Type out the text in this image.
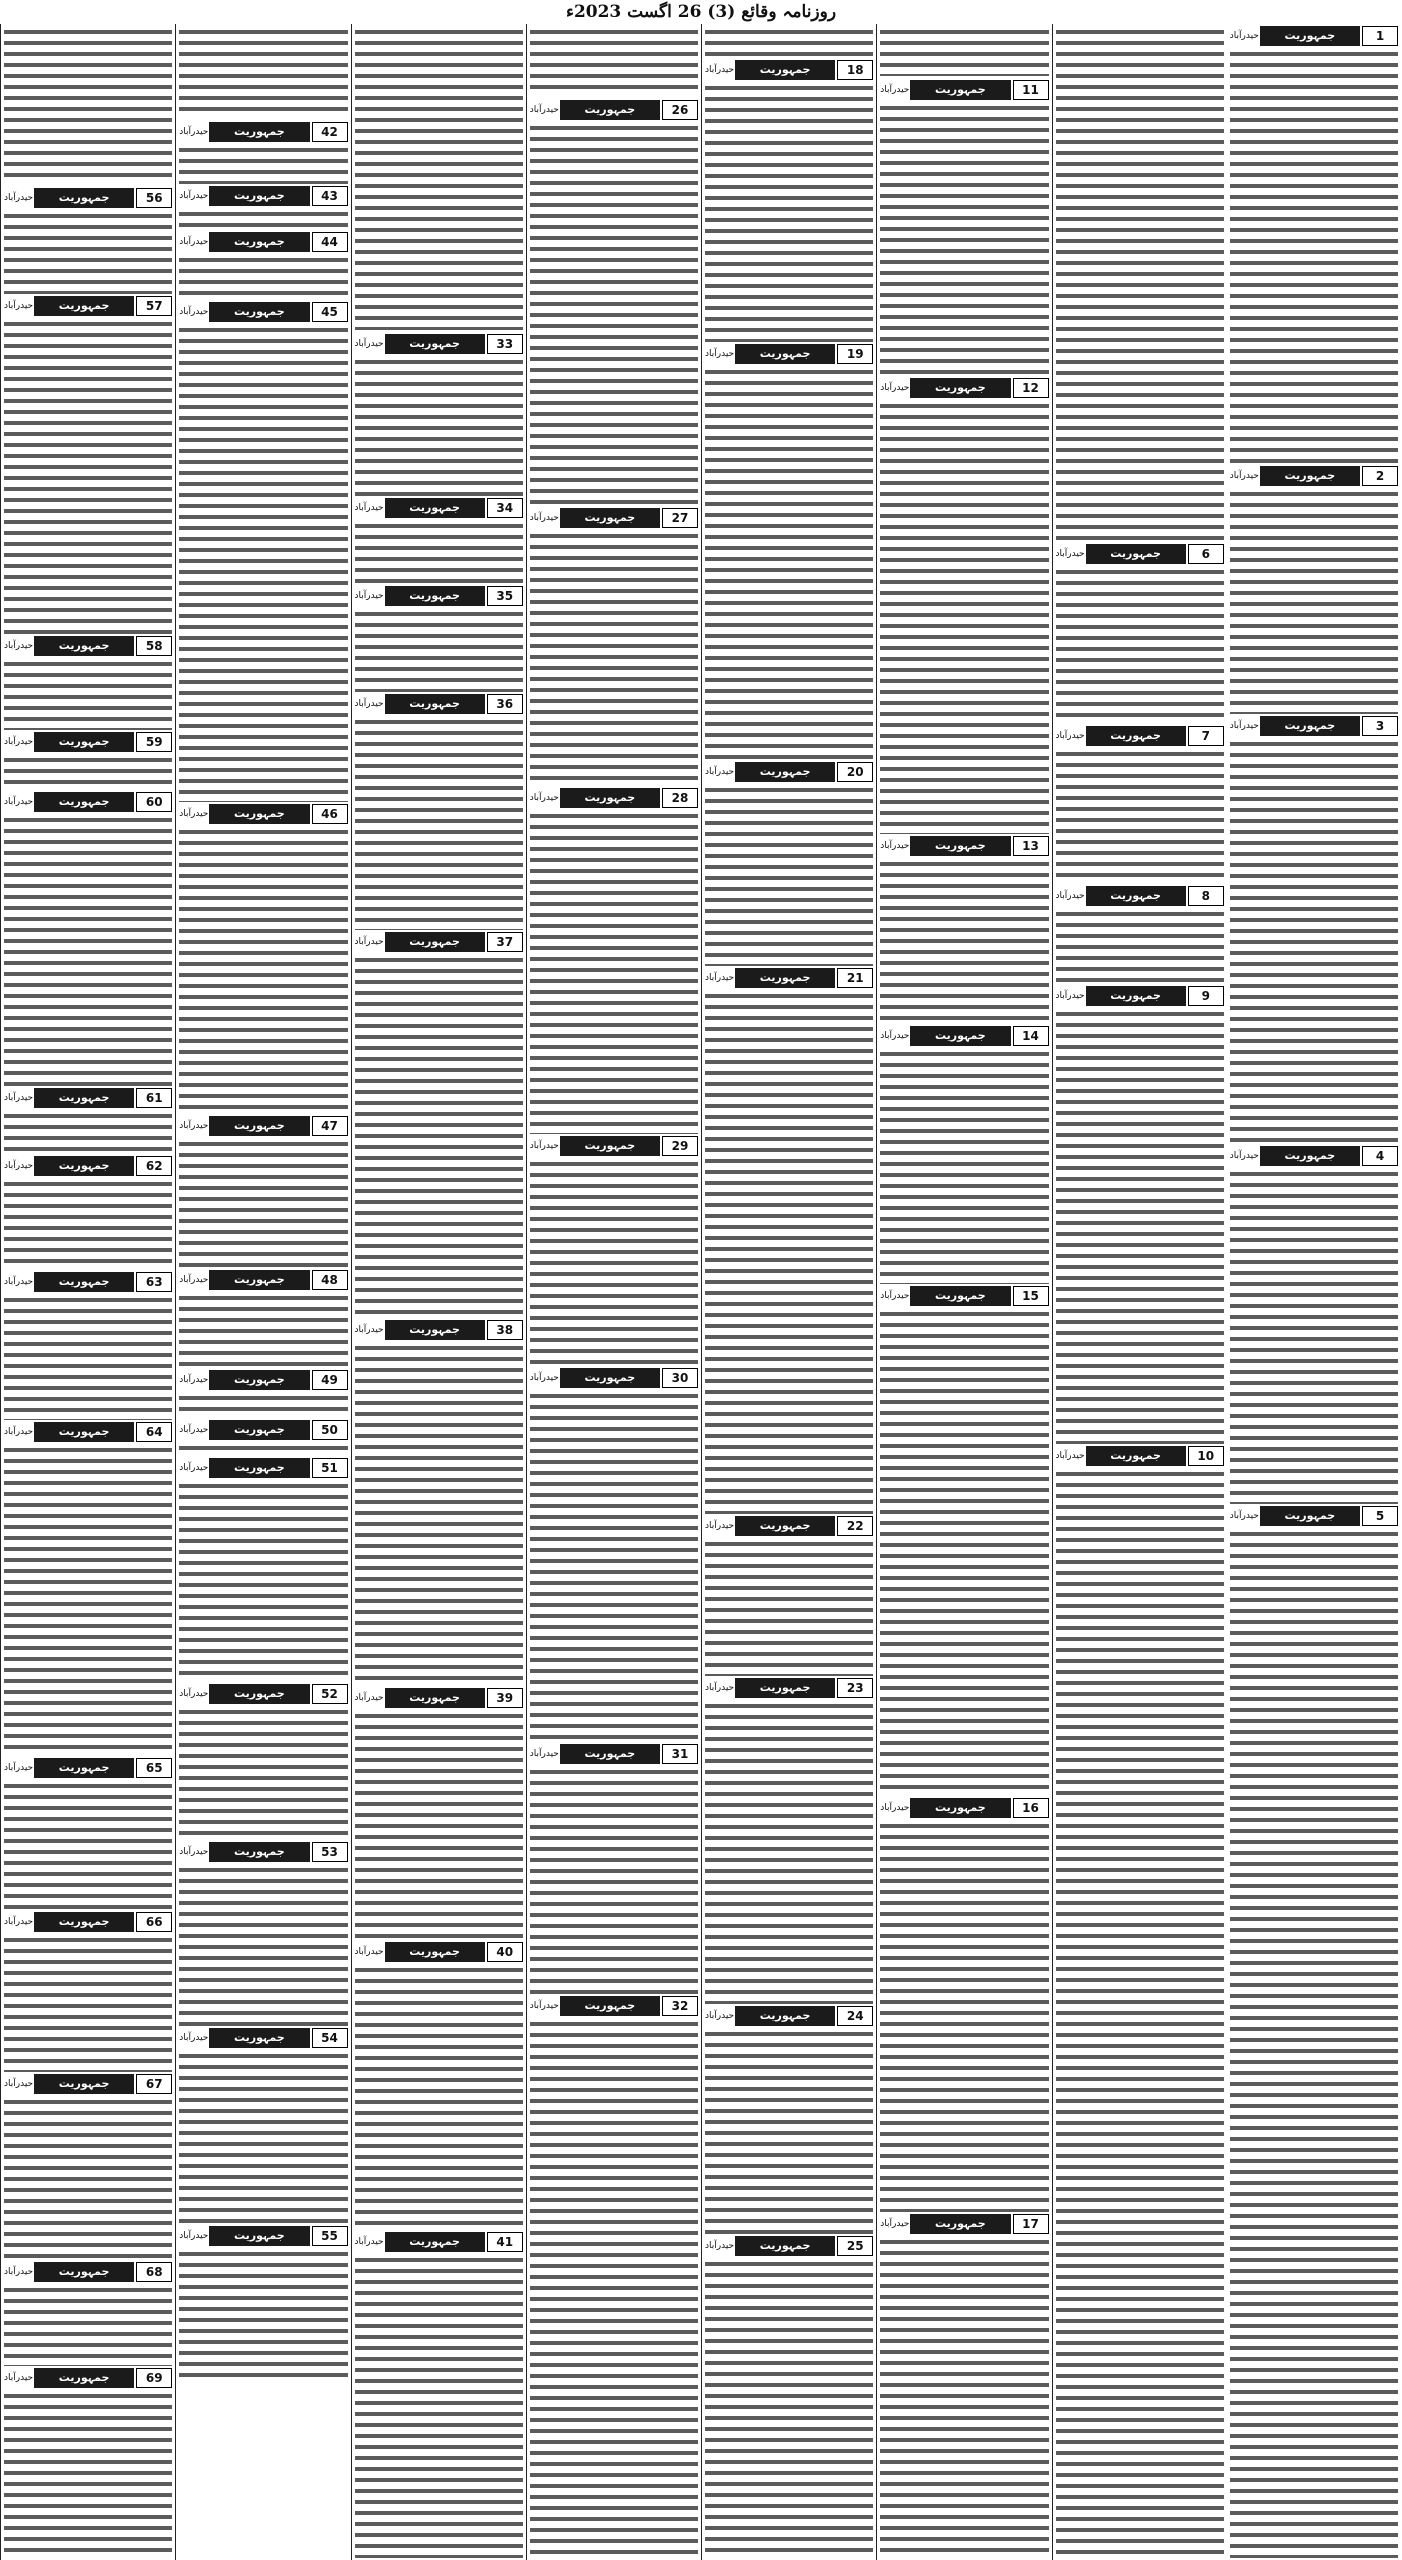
روزنامہ وقائع (3) 26 اگست 2023ء
حیدرآباد	جمہوریت	1
حیدرآباد	جمہوریت	2
حیدرآباد	جمہوریت	3
حیدرآباد	جمہوریت	4
حیدرآباد	جمہوریت	5
حیدرآباد	جمہوریت	6
حیدرآباد	جمہوریت	7
حیدرآباد	جمہوریت	8
حیدرآباد	جمہوریت	9
حیدرآباد	جمہوریت	10
حیدرآباد	جمہوریت	11
حیدرآباد	جمہوریت	12
حیدرآباد	جمہوریت	13
حیدرآباد	جمہوریت	14
حیدرآباد	جمہوریت	15
حیدرآباد	جمہوریت	16
حیدرآباد	جمہوریت	17
حیدرآباد	جمہوریت	18
حیدرآباد	جمہوریت	19
حیدرآباد	جمہوریت	20
حیدرآباد	جمہوریت	21
حیدرآباد	جمہوریت	22
حیدرآباد	جمہوریت	23
حیدرآباد	جمہوریت	24
حیدرآباد	جمہوریت	25
حیدرآباد	جمہوریت	26
حیدرآباد	جمہوریت	27
حیدرآباد	جمہوریت	28
حیدرآباد	جمہوریت	29
حیدرآباد	جمہوریت	30
حیدرآباد	جمہوریت	31
حیدرآباد	جمہوریت	32
حیدرآباد	جمہوریت	33
حیدرآباد	جمہوریت	34
حیدرآباد	جمہوریت	35
حیدرآباد	جمہوریت	36
حیدرآباد	جمہوریت	37
حیدرآباد	جمہوریت	38
حیدرآباد	جمہوریت	39
حیدرآباد	جمہوریت	40
حیدرآباد	جمہوریت	41
حیدرآباد	جمہوریت	42
حیدرآباد	جمہوریت	43
حیدرآباد	جمہوریت	44
حیدرآباد	جمہوریت	45
حیدرآباد	جمہوریت	46
حیدرآباد	جمہوریت	47
حیدرآباد	جمہوریت	48
حیدرآباد	جمہوریت	49
حیدرآباد	جمہوریت	50
حیدرآباد	جمہوریت	51
حیدرآباد	جمہوریت	52
حیدرآباد	جمہوریت	53
حیدرآباد	جمہوریت	54
حیدرآباد	جمہوریت	55
حیدرآباد	جمہوریت	56
حیدرآباد	جمہوریت	57
حیدرآباد	جمہوریت	58
حیدرآباد	جمہوریت	59
حیدرآباد	جمہوریت	60
حیدرآباد	جمہوریت	61
حیدرآباد	جمہوریت	62
حیدرآباد	جمہوریت	63
حیدرآباد	جمہوریت	64
حیدرآباد	جمہوریت	65
حیدرآباد	جمہوریت	66
حیدرآباد	جمہوریت	67
حیدرآباد	جمہوریت	68
حیدرآباد	جمہوریت	69
